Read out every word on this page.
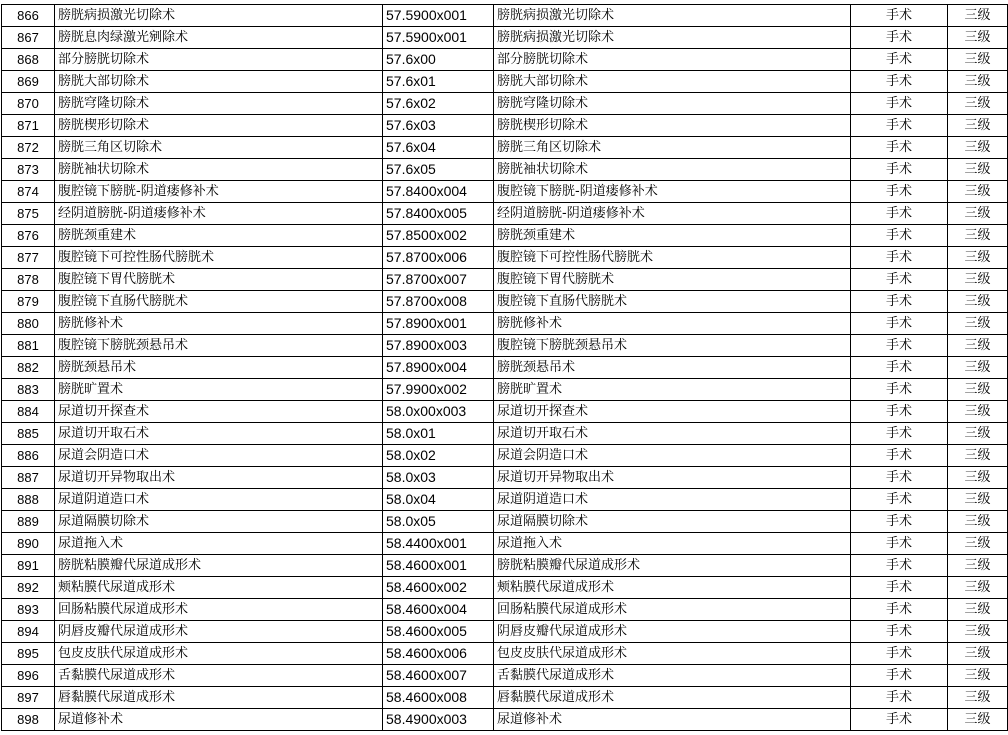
866	膀胱病损激光切除术	57.5900x001	膀胱病损激光切除术	手术	三级
867	膀胱息肉绿激光剜除术	57.5900x001	膀胱病损激光切除术	手术	三级
868	部分膀胱切除术	57.6x00	部分膀胱切除术	手术	三级
869	膀胱大部切除术	57.6x01	膀胱大部切除术	手术	三级
870	膀胱穹隆切除术	57.6x02	膀胱穹隆切除术	手术	三级
871	膀胱楔形切除术	57.6x03	膀胱楔形切除术	手术	三级
872	膀胱三角区切除术	57.6x04	膀胱三角区切除术	手术	三级
873	膀胱袖状切除术	57.6x05	膀胱袖状切除术	手术	三级
874	腹腔镜下膀胱-阴道瘘修补术	57.8400x004	腹腔镜下膀胱-阴道瘘修补术	手术	三级
875	经阴道膀胱-阴道瘘修补术	57.8400x005	经阴道膀胱-阴道瘘修补术	手术	三级
876	膀胱颈重建术	57.8500x002	膀胱颈重建术	手术	三级
877	腹腔镜下可控性肠代膀胱术	57.8700x006	腹腔镜下可控性肠代膀胱术	手术	三级
878	腹腔镜下胃代膀胱术	57.8700x007	腹腔镜下胃代膀胱术	手术	三级
879	腹腔镜下直肠代膀胱术	57.8700x008	腹腔镜下直肠代膀胱术	手术	三级
880	膀胱修补术	57.8900x001	膀胱修补术	手术	三级
881	腹腔镜下膀胱颈悬吊术	57.8900x003	腹腔镜下膀胱颈悬吊术	手术	三级
882	膀胱颈悬吊术	57.8900x004	膀胱颈悬吊术	手术	三级
883	膀胱旷置术	57.9900x002	膀胱旷置术	手术	三级
884	尿道切开探查术	58.0x00x003	尿道切开探查术	手术	三级
885	尿道切开取石术	58.0x01	尿道切开取石术	手术	三级
886	尿道会阴造口术	58.0x02	尿道会阴造口术	手术	三级
887	尿道切开异物取出术	58.0x03	尿道切开异物取出术	手术	三级
888	尿道阴道造口术	58.0x04	尿道阴道造口术	手术	三级
889	尿道隔膜切除术	58.0x05	尿道隔膜切除术	手术	三级
890	尿道拖入术	58.4400x001	尿道拖入术	手术	三级
891	膀胱粘膜瓣代尿道成形术	58.4600x001	膀胱粘膜瓣代尿道成形术	手术	三级
892	颊粘膜代尿道成形术	58.4600x002	颊粘膜代尿道成形术	手术	三级
893	回肠粘膜代尿道成形术	58.4600x004	回肠粘膜代尿道成形术	手术	三级
894	阴唇皮瓣代尿道成形术	58.4600x005	阴唇皮瓣代尿道成形术	手术	三级
895	包皮皮肤代尿道成形术	58.4600x006	包皮皮肤代尿道成形术	手术	三级
896	舌黏膜代尿道成形术	58.4600x007	舌黏膜代尿道成形术	手术	三级
897	唇黏膜代尿道成形术	58.4600x008	唇黏膜代尿道成形术	手术	三级
898	尿道修补术	58.4900x003	尿道修补术	手术	三级
